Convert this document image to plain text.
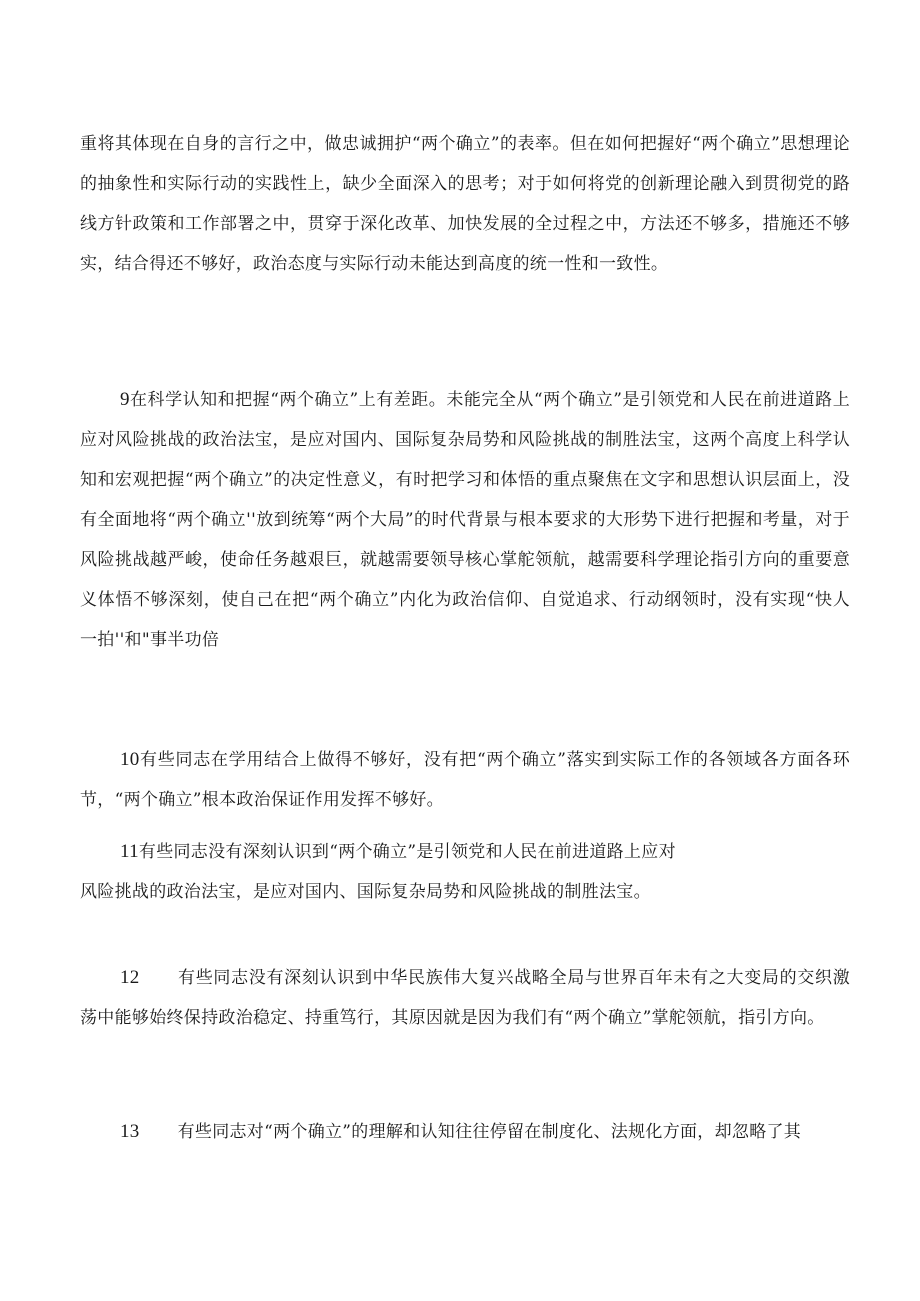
重将其体现在自身的言行之中，做忠诚拥护“两个确立”的表率。但在如何把握好“两个确立”思想理论的抽象性和实际行动的实践性上，缺少全面深入的思考；对于如何将党的创新理论融入到贯彻党的路线方针政策和工作部署之中，贯穿于深化改革、加快发展的全过程之中，方法还不够多，措施还不够实，结合得还不够好，政治态度与实际行动未能达到高度的统一性和一致性。

9在科学认知和把握“两个确立”上有差距。未能完全从“两个确立”是引领党和人民在前进道路上应对风险挑战的政治法宝，是应对国内、国际复杂局势和风险挑战的制胜法宝，这两个高度上科学认知和宏观把握“两个确立”的决定性意义，有时把学习和体悟的重点聚焦在文字和思想认识层面上，没有全面地将“两个确立''放到统筹“两个大局”的时代背景与根本要求的大形势下进行把握和考量，对于风险挑战越严峻，使命任务越艰巨，就越需要领导核心掌舵领航，越需要科学理论指引方向的重要意义体悟不够深刻，使自己在把“两个确立”内化为政治信仰、自觉追求、行动纲领时，没有实现“快人一拍''和"事半功倍

10有些同志在学用结合上做得不够好，没有把“两个确立”落实到实际工作的各领域各方面各环节，“两个确立”根本政治保证作用发挥不够好。

11有些同志没有深刻认识到“两个确立”是引领党和人民在前进道路上应对

风险挑战的政治法宝，是应对国内、国际复杂局势和风险挑战的制胜法宝。

12 有些同志没有深刻认识到中华民族伟大复兴战略全局与世界百年未有之大变局的交织激荡中能够始终保持政治稳定、持重笃行，其原因就是因为我们有“两个确立”掌舵领航，指引方向。

13 有些同志对“两个确立”的理解和认知往往停留在制度化、法规化方面，却忽略了其
